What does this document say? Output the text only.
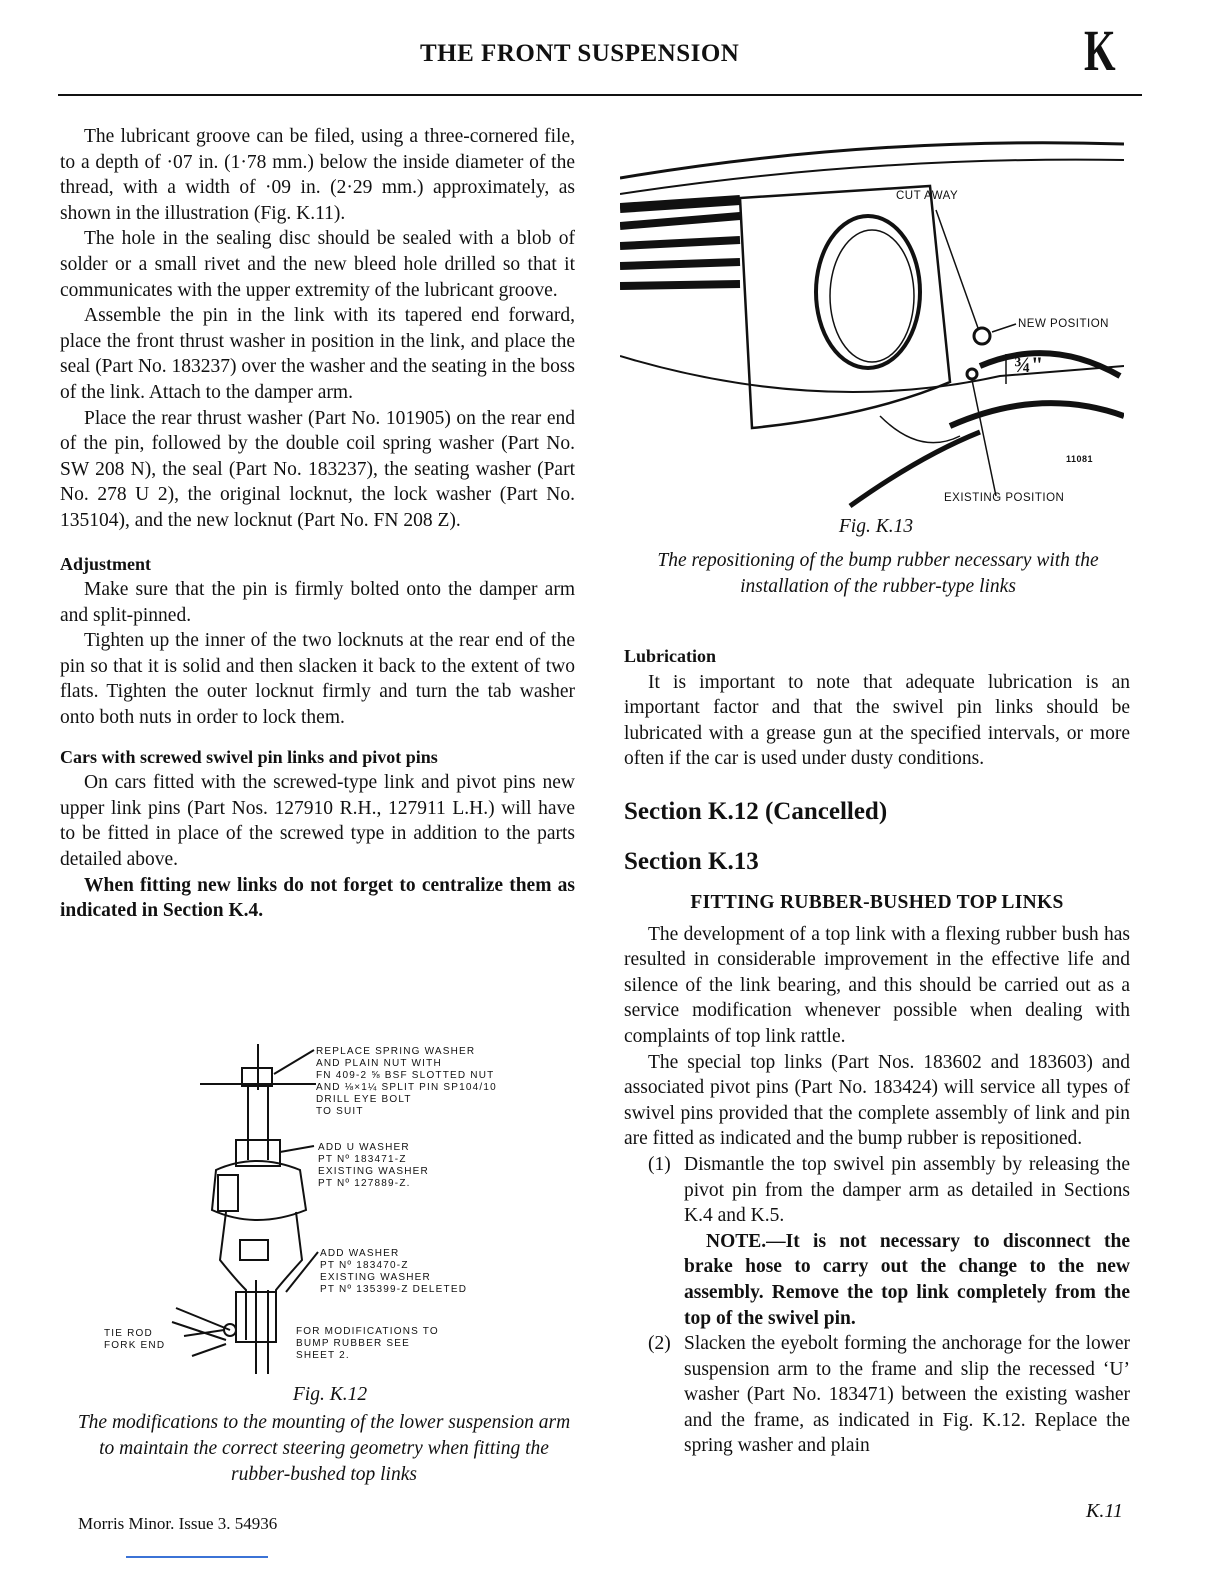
THE FRONT SUSPENSION	K

The lubricant groove can be filed, using a three-cornered file, to a depth of ·07 in. (1·78 mm.) below the inside diameter of the thread, with a width of ·09 in. (2·29 mm.) approximately, as shown in the illustration (Fig. K.11).

The hole in the sealing disc should be sealed with a blob of solder or a small rivet and the new bleed hole drilled so that it communicates with the upper extremity of the lubricant groove.

Assemble the pin in the link with its tapered end forward, place the front thrust washer in position in the link, and place the seal (Part No. 183237) over the washer and the seating in the boss of the link. Attach to the damper arm.

Place the rear thrust washer (Part No. 101905) on the rear end of the pin, followed by the double coil spring washer (Part No. SW 208 N), the seal (Part No. 183237), the seating washer (Part No. 278 U 2), the original locknut, the lock washer (Part No. 135104), and the new locknut (Part No. FN 208 Z).

Adjustment

Make sure that the pin is firmly bolted onto the damper arm and split-pinned.

Tighten up the inner of the two locknuts at the rear end of the pin so that it is solid and then slacken it back to the extent of two flats. Tighten the outer locknut firmly and turn the tab washer onto both nuts in order to lock them.

Cars with screwed swivel pin links and pivot pins

On cars fitted with the screwed-type link and pivot pins new upper link pins (Part Nos. 127910 R.H., 127911 L.H.) will have to be fitted in place of the screwed type in addition to the parts detailed above.

When fitting new links do not forget to centralize them as indicated in Section K.4.

REPLACE SPRING WASHER
AND PLAIN NUT WITH
FN 409-2 ⅝ BSF SLOTTED NUT
AND ⅛×1¼ SPLIT PIN SP104/10
DRILL EYE BOLT
TO SUIT
ADD U WASHER
PT Nº 183471-Z
EXISTING WASHER
PT Nº 127889-Z.
ADD WASHER
PT Nº 183470-Z
EXISTING WASHER
PT Nº 135399-Z DELETED
FOR MODIFICATIONS TO
BUMP RUBBER SEE
SHEET 2.
TIE ROD
FORK END
Fig. K.12
The modifications to the mounting of the lower suspension arm to maintain the correct steering geometry when fitting the rubber-bushed top links
CUT AWAY
NEW POSITION
EXISTING POSITION
¾"
11081
Fig. K.13
The repositioning of the bump rubber necessary with the installation of the rubber-type links
Lubrication

It is important to note that adequate lubrication is an important factor and that the swivel pin links should be lubricated with a grease gun at the specified intervals, or more often if the car is used under dusty conditions.

Section K.12 (Cancelled)
Section K.13
FITTING RUBBER-BUSHED TOP LINKS

The development of a top link with a flexing rubber bush has resulted in considerable improvement in the effective life and silence of the link bearing, and this should be carried out as a service modification whenever possible when dealing with complaints of top link rattle.

The special top links (Part Nos. 183602 and 183603) and associated pivot pins (Part No. 183424) will service all types of swivel pins provided that the complete assembly of link and pin are fitted as indicated and the bump rubber is repositioned.

(1) Dismantle the top swivel pin assembly by releasing the pivot pin from the damper arm as detailed in Sections K.4 and K.5.
NOTE.—It is not necessary to disconnect the brake hose to carry out the change to the new assembly. Remove the top link completely from the top of the swivel pin.
(2) Slacken the eyebolt forming the anchorage for the lower suspension arm to the frame and slip the recessed ‘U’ washer (Part No. 183471) between the existing washer and the frame, as indicated in Fig. K.12. Replace the spring washer and plain
Morris Minor. Issue 3. 54936
K.11
